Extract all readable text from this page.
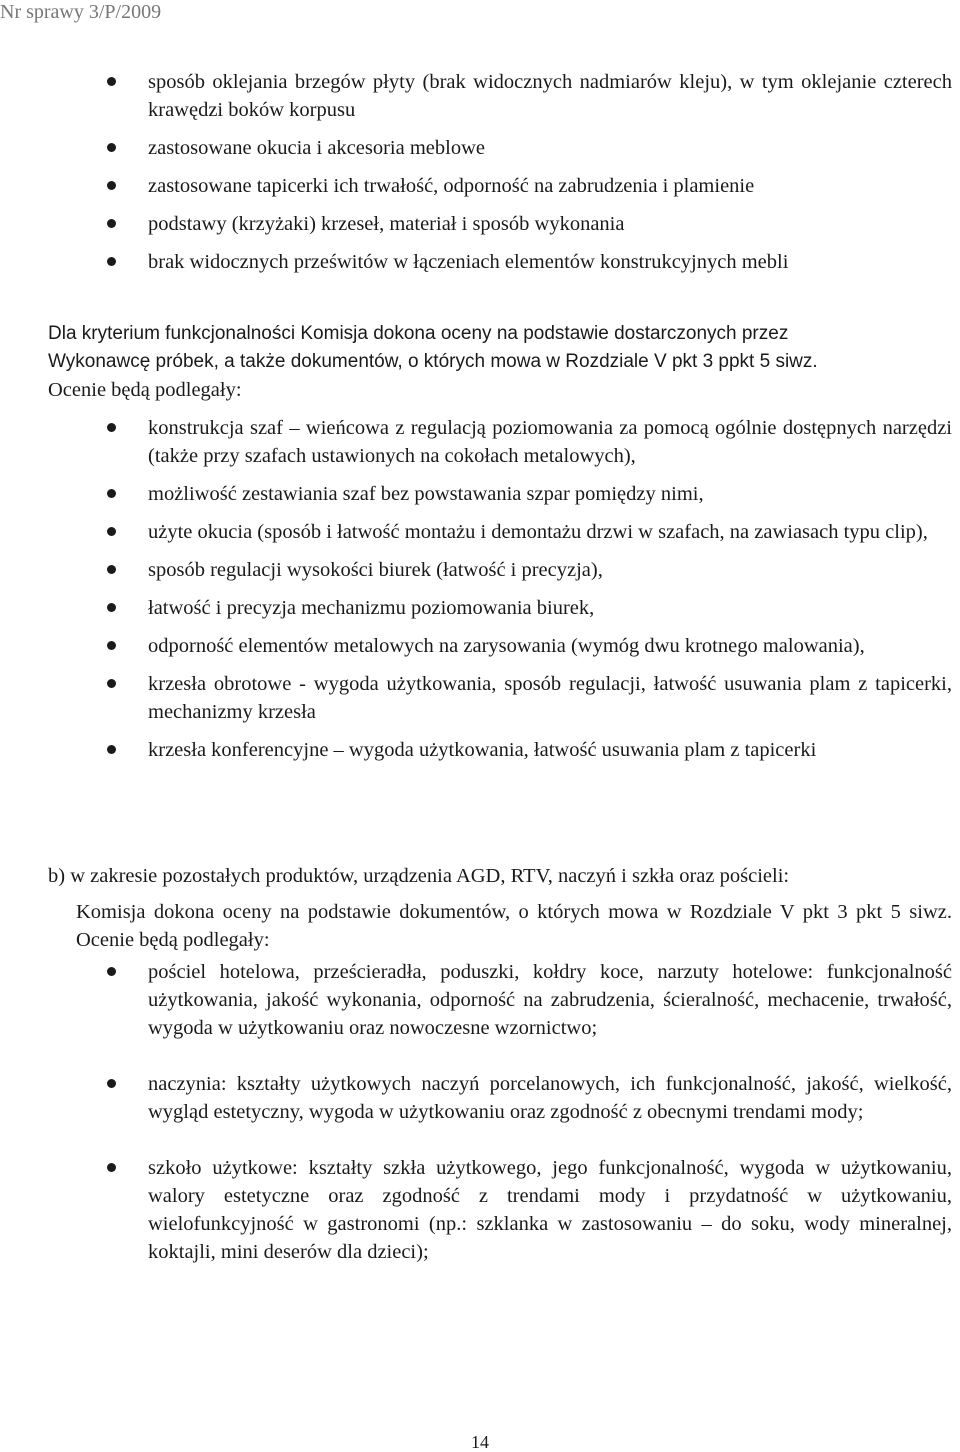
Nr sprawy 3/P/2009
sposób oklejania brzegów płyty (brak widocznych nadmiarów kleju), w tym oklejanie czterech krawędzi boków korpusu
zastosowane okucia i akcesoria meblowe
zastosowane tapicerki ich trwałość, odporność na zabrudzenia i plamienie
podstawy (krzyżaki) krzeseł, materiał i sposób wykonania
brak widocznych prześwitów w łączeniach elementów konstrukcyjnych mebli
Dla kryterium funkcjonalności Komisja dokona oceny na podstawie dostarczonych przez
Wykonawcę próbek, a także dokumentów, o których mowa w Rozdziale V pkt 3 ppkt 5 siwz.
Ocenie będą podlegały:
konstrukcja szaf – wieńcowa z regulacją poziomowania za pomocą ogólnie dostępnych narzędzi (także przy szafach ustawionych na cokołach metalowych),
możliwość zestawiania szaf bez powstawania szpar pomiędzy nimi,
użyte okucia (sposób i łatwość montażu i demontażu drzwi w szafach, na zawiasach typu clip),
sposób regulacji wysokości biurek (łatwość i precyzja),
łatwość i precyzja mechanizmu poziomowania biurek,
odporność elementów metalowych na zarysowania (wymóg dwu krotnego malowania),
krzesła obrotowe - wygoda użytkowania, sposób regulacji, łatwość usuwania plam z tapicerki, mechanizmy krzesła
krzesła konferencyjne – wygoda użytkowania, łatwość usuwania plam z tapicerki
b) w zakresie pozostałych produktów, urządzenia AGD, RTV, naczyń i szkła oraz pościeli:
Komisja dokona oceny na podstawie dokumentów, o których mowa w Rozdziale V pkt 3 pkt 5 siwz. Ocenie będą podlegały:
pościel hotelowa, prześcieradła, poduszki, kołdry koce, narzuty hotelowe: funkcjonalność użytkowania, jakość wykonania, odporność na zabrudzenia, ścieralność, mechacenie, trwałość, wygoda w użytkowaniu oraz nowoczesne wzornictwo;
naczynia: kształty użytkowych naczyń porcelanowych, ich funkcjonalność, jakość, wielkość, wygląd estetyczny, wygoda w użytkowaniu oraz zgodność z obecnymi trendami mody;
szkoło użytkowe: kształty szkła użytkowego, jego funkcjonalność, wygoda w użytkowaniu, walory estetyczne oraz zgodność z trendami mody i przydatność w użytkowaniu, wielofunkcyjność w gastronomi (np.: szklanka w zastosowaniu – do soku, wody mineralnej, koktajli, mini deserów dla dzieci);
14
